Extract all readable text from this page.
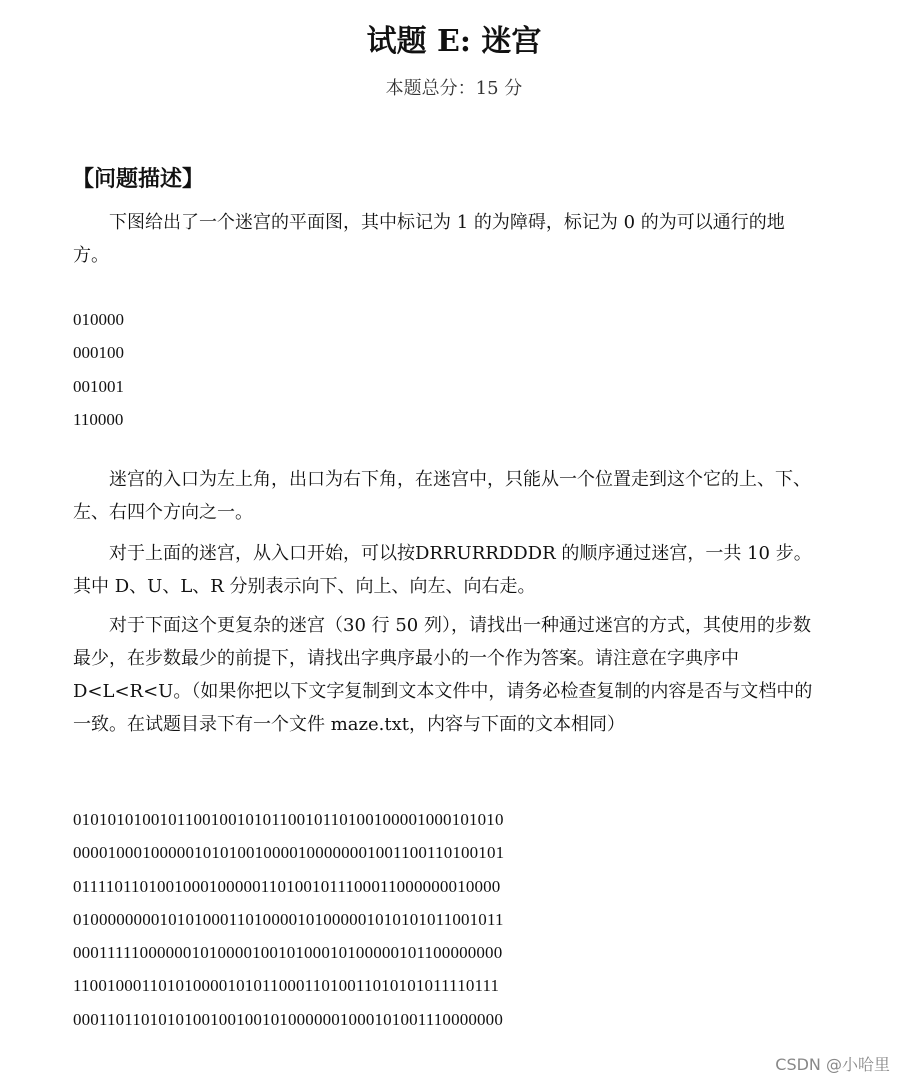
试题 E: 迷宫
本题总分：15 分
【问题描述】
下图给出了一个迷宫的平面图，其中标记为 1 的为障碍，标记为 0 的为可以通行的地方。
010000
000100
001001
110000
迷宫的入口为左上角，出口为右下角，在迷宫中，只能从一个位置走到这个它的上、下、左、右四个方向之一。
对于上面的迷宫，从入口开始，可以按DRRURRDDDR 的顺序通过迷宫，一共 10 步。其中 D、U、L、R 分别表示向下、向上、向左、向右走。
对于下面这个更复杂的迷宫（30 行 50 列），请找出一种通过迷宫的方式，其使用的步数最少，在步数最少的前提下，请找出字典序最小的一个作为答案。请注意在字典序中D<L<R<U。（如果你把以下文字复制到文本文件中，请务必检查复制的内容是否与文档中的一致。在试题目录下有一个文件 maze.txt，内容与下面的文本相同）
01010101001011001001010110010110100100001000101010
00001000100000101010010000100000001001100110100101
01111011010010001000001101001011100011000000010000
01000000001010100011010000101000001010101011001011
00011111000000101000010010100010100000101100000000
11001000110101000010101100011010011010101011110111
00011011010101001001001010000001000101001110000000
CSDN @小哈里
